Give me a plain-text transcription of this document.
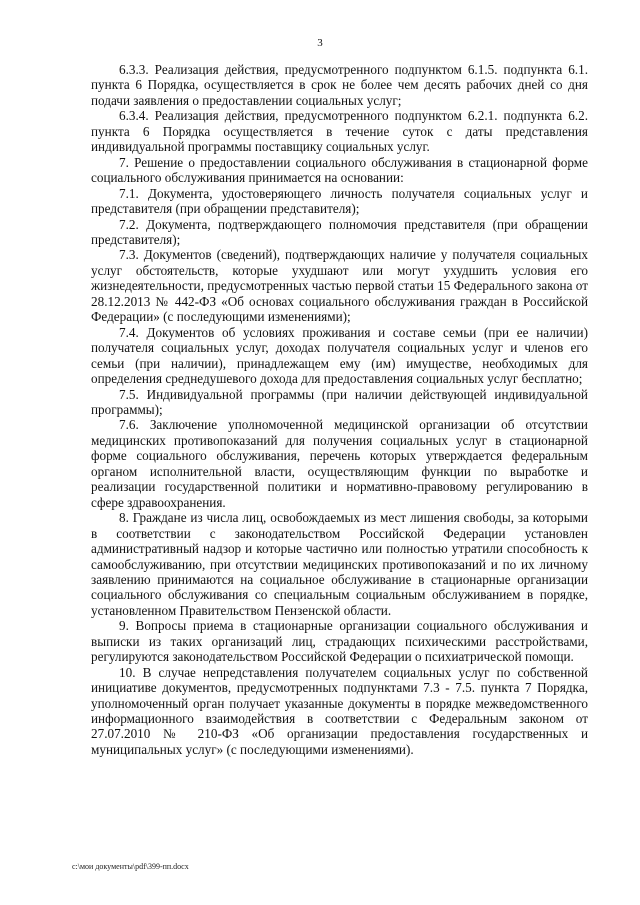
3

6.3.3. Реализация действия, предусмотренного подпунктом 6.1.5. подпункта 6.1. пункта 6 Порядка, осуществляется в срок не более чем десять рабочих дней со дня подачи заявления о предоставлении социальных услуг;

6.3.4. Реализация действия, предусмотренного подпунктом 6.2.1. подпункта 6.2. пункта 6 Порядка осуществляется в течение суток с даты представления индивидуальной программы поставщику социальных услуг.

7. Решение о предоставлении социального обслуживания в стационарной форме социального обслуживания принимается на основании:

7.1. Документа, удостоверяющего личность получателя социальных услуг и представителя (при обращении представителя);

7.2. Документа, подтверждающего полномочия представителя (при обращении представителя);

7.3. Документов (сведений), подтверждающих наличие у получателя социальных услуг обстоятельств, которые ухудшают или могут ухудшить условия его жизнедеятельности, предусмотренных частью первой статьи 15 Федерального закона от 28.12.2013 № 442-ФЗ «Об основах социального обслуживания граждан в Российской Федерации» (с последующими изменениями);

7.4. Документов об условиях проживания и составе семьи (при ее наличии) получателя социальных услуг, доходах получателя социальных услуг и членов его семьи (при наличии), принадлежащем ему (им) имуществе, необходимых для определения среднедушевого дохода для предоставления социальных услуг бесплатно;

7.5. Индивидуальной программы (при наличии действующей индивидуальной программы);

7.6. Заключение уполномоченной медицинской организации об отсутствии медицинских противопоказаний для получения социальных услуг в стационарной форме социального обслуживания, перечень которых утверждается федеральным органом исполнительной власти, осуществляющим функции по выработке и реализации государственной политики и нормативно-правовому регулированию в сфере здравоохранения.

8. Граждане из числа лиц, освобождаемых из мест лишения свободы, за которыми в соответствии с законодательством Российской Федерации установлен административный надзор и которые частично или полностью утратили способность к самообслуживанию, при отсутствии медицинских противопоказаний и по их личному заявлению принимаются на социальное обслуживание в стационарные организации социального обслуживания со специальным социальным обслуживанием в порядке, установленном Правительством Пензенской области.

9. Вопросы приема в стационарные организации социального обслуживания и выписки из таких организаций лиц, страдающих психическими расстройствами, регулируются законодательством Российской Федерации о психиатрической помощи.

10. В случае непредставления получателем социальных услуг по собственной инициативе документов, предусмотренных подпунктами 7.3 - 7.5. пункта 7 Порядка, уполномоченный орган получает указанные документы в порядке межведомственного информационного взаимодействия в соответствии с Федеральным законом от 27.07.2010 № 210-ФЗ «Об организации предоставления государственных и муниципальных услуг» (с последующими изменениями).

c:\мои документы\pdf\399-пп.docx
